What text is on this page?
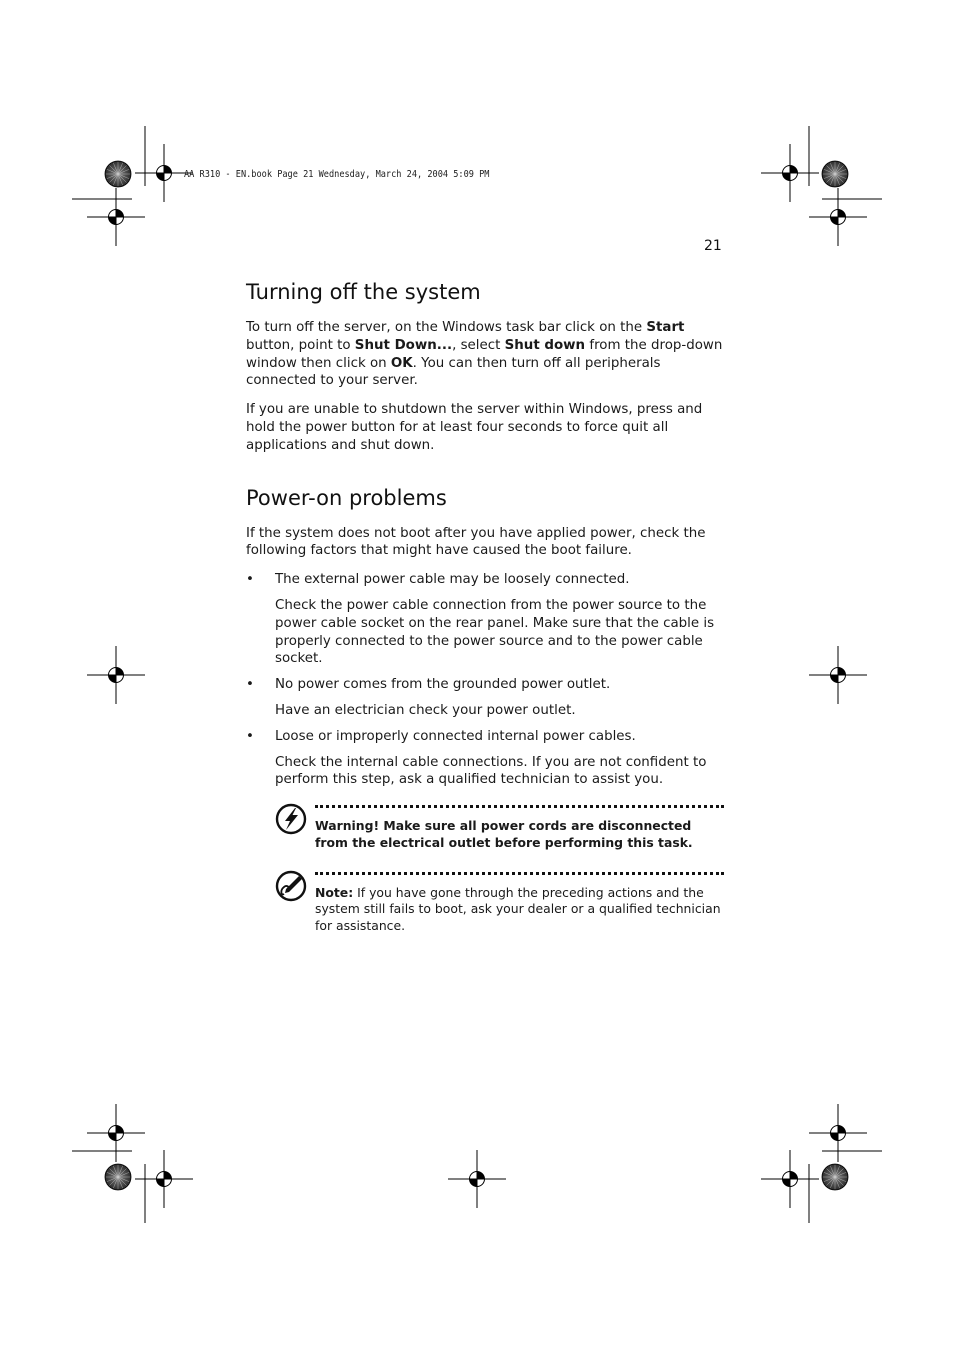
AA R310 - EN.book Page 21 Wednesday, March 24, 2004 5:09 PM
21
Turning off the system

To turn off the server, on the Windows task bar click on the Start button, point to Shut Down..., select Shut down from the drop-down window then click on OK. You can then turn off all peripherals connected to your server.

If you are unable to shutdown the server within Windows, press and hold the power button for at least four seconds to force quit all applications and shut down.

Power-on problems

If the system does not boot after you have applied power, check the following factors that might have caused the boot failure.

• The external power cable may be loosely connected.

Check the power cable connection from the power source to the power cable socket on the rear panel. Make sure that the cable is properly connected to the power source and to the power cable socket.

• No power comes from the grounded power outlet.

Have an electrician check your power outlet.

• Loose or improperly connected internal power cables.

Check the internal cable connections. If you are not confident to perform this step, ask a qualified technician to assist you.

Warning! Make sure all power cords are disconnected from the electrical outlet before performing this task.

Note: If you have gone through the preceding actions and the system still fails to boot, ask your dealer or a qualified technician for assistance.
